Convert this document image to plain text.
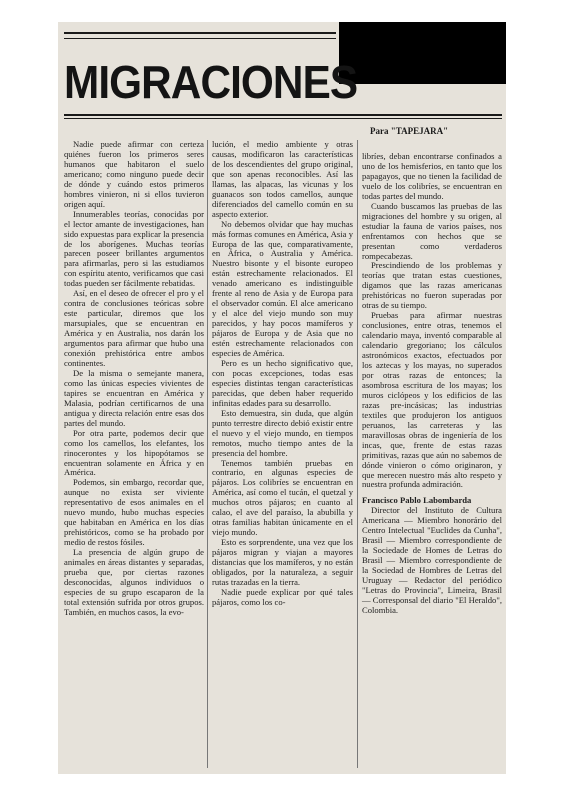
MIGRACIONES
Para "TAPEJARA"

Nadie puede afirmar con certeza quiénes fueron los primeros seres humanos que habitaron el suelo americano; como ninguno puede decir de dónde y cuándo estos primeros hombres vinieron, ni si ellos tuvieron origen aquí.

Innumerables teorías, conocidas por el lector amante de investigaciones, han sido expuestas para explicar la presencia de los aborígenes. Muchas teorías parecen poseer brillantes argumentos para afirmarlas, pero si las estudiamos con espíritu atento, verificamos que casi todas pueden ser fácilmente rebatidas.

Así, en el deseo de ofrecer el pro y el contra de conclusiones teóricas sobre este particular, diremos que los marsupiales, que se encuentran en América y en Australia, nos darán los argumentos para afirmar que hubo una conexión prehistórica entre ambos continentes.

De la misma o semejante manera, como las únicas especies vivientes de tapires se encuentran en América y Malasia, podrían certificarnos de una antigua y directa relación entre esas dos partes del mundo.

Por otra parte, podemos decir que como los camellos, los elefantes, los rinocerontes y los hipopótamos se encuentran solamente en África y en América.

Podemos, sin embargo, recordar que, aunque no exista ser viviente representativo de esos animales en el nuevo mundo, hubo muchas especies que habitaban en América en los días prehistóricos, como se ha probado por medio de restos fósiles.

La presencia de algún grupo de animales en áreas distantes y separadas, prueba que, por ciertas razones desconocidas, algunos individuos o especies de su grupo escaparon de la total extensión sufrida por otros grupos. También, en muchos casos, la evo-

lución, el medio ambiente y otras causas, modificaron las características de los descendientes del grupo original, que son apenas reconocibles. Así las llamas, las alpacas, las vicunas y los guanacos son todos camellos, aunque diferenciados del camello común en su aspecto exterior.

No debemos olvidar que hay muchas más formas comunes en América, Asia y Europa de las que, comparativamente, en África, o Australia y América. Nuestro bisonte y el bisonte europeo están estrechamente relacionados. El venado americano es indistinguible frente al reno de Asia y de Europa para el observador común. El alce americano y el alce del viejo mundo son muy parecidos, y hay pocos mamíferos y pájaros de Europa y de Asia que no estén estrechamente relacionados con especies de América.

Pero es un hecho significativo que, con pocas excepciones, todas esas especies distintas tengan características parecidas, que deben haber requerido infinitas edades para su desarrollo.

Esto demuestra, sin duda, que algún punto terrestre directo debió existir entre el nuevo y el viejo mundo, en tiempos remotos, mucho tiempo antes de la presencia del hombre.

Tenemos también pruebas en contrario, en algunas especies de pájaros. Los colibríes se encuentran en América, así como el tucán, el quetzal y muchos otros pájaros; en cuanto al calao, el ave del paraíso, la abubilla y otras familias habitan únicamente en el viejo mundo.

Esto es sorprendente, una vez que los pájaros migran y viajan a mayores distancias que los mamíferos, y no están obligados, por la naturaleza, a seguir rutas trazadas en la tierra.

Nadie puede explicar por qué tales pájaros, como los co-

libríes, deban encontrarse confinados a uno de los hemisferios, en tanto que los papagayos, que no tienen la facilidad de vuelo de los colibríes, se encuentran en todas partes del mundo.

Cuando buscamos las pruebas de las migraciones del hombre y su origen, al estudiar la fauna de varios países, nos enfrentamos con hechos que se presentan como verdaderos rompecabezas.

Prescindiendo de los problemas y teorías que tratan estas cuestiones, digamos que las razas americanas prehistóricas no fueron superadas por otras de su tiempo.

Pruebas para afirmar nuestras conclusiones, entre otras, tenemos el calendario maya, inventó comparable al calendario gregoriano; los cálculos astronómicos exactos, efectuados por los aztecas y los mayas, no superados por otras razas de entonces; la asombrosa escritura de los mayas; los muros ciclópeos y los edificios de las razas pre-incásicas; las industrias textiles que produjeron los antiguos peruanos, las carreteras y las maravillosas obras de ingeniería de los incas, que, frente de estas razas primitivas, razas que aún no sabemos de dónde vinieron o cómo originaron, y que merecen nuestro más alto respeto y nuestra profunda admiración.

Francisco Pablo Labombarda

Director del Instituto de Cultura Americana — Miembro honorário del Centro Intelectual "Euclides da Cunha", Brasil — Miembro correspondiente de la Sociedade de Homes de Letras do Brasil — Miembro correspondiente de la Sociedad de Hombres de Letras del Uruguay — Redactor del periódico "Letras do Provincia", Limeira, Brasil — Corresponsal del diario "El Heraldo", Colombia.
